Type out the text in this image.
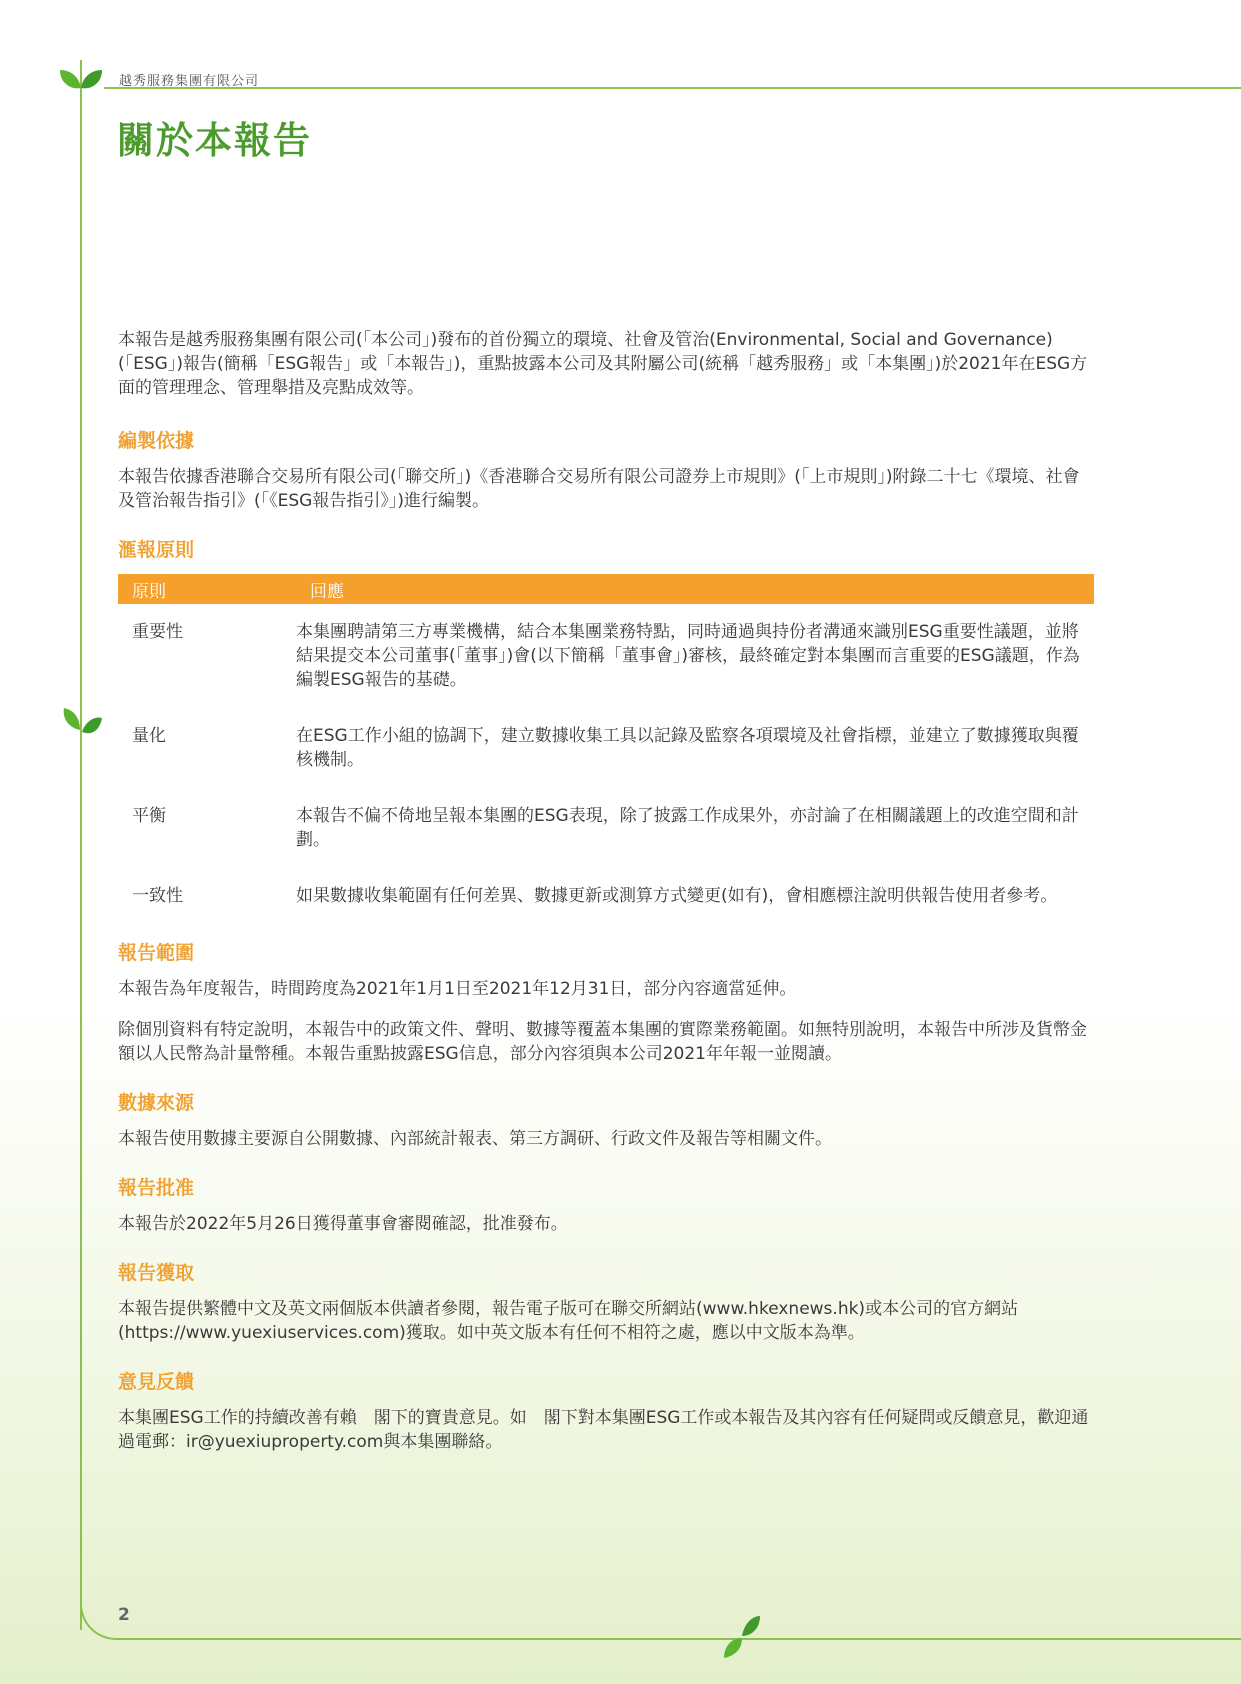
越秀服務集團有限公司
關於本報告

本報告是越秀服務集團有限公司(「本公司」)發布的首份獨立的環境、社會及管治(Environmental, Social and Governance)(「ESG」)報告(簡稱「ESG報告」或「本報告」)，重點披露本公司及其附屬公司(統稱「越秀服務」或「本集團」)於2021年在ESG方面的管理理念、管理舉措及亮點成效等。

編製依據

本報告依據香港聯合交易所有限公司(「聯交所」)《香港聯合交易所有限公司證券上市規則》(「上市規則」)附錄二十七《環境、社會及管治報告指引》(「《ESG報告指引》」)進行編製。

滙報原則
原則	回應
重要性	本集團聘請第三方專業機構，結合本集團業務特點，同時通過與持份者溝通來識別ESG重要性議題，並將結果提交本公司董事(「董事」)會(以下簡稱「董事會」)審核，最終確定對本集團而言重要的ESG議題，作為編製ESG報告的基礎。
量化	在ESG工作小組的協調下，建立數據收集工具以記錄及監察各項環境及社會指標，並建立了數據獲取與覆核機制。
平衡	本報告不偏不倚地呈報本集團的ESG表現，除了披露工作成果外，亦討論了在相關議題上的改進空間和計劃。
一致性	如果數據收集範圍有任何差異、數據更新或測算方式變更(如有)，會相應標注說明供報告使用者參考。
報告範圍

本報告為年度報告，時間跨度為2021年1月1日至2021年12月31日，部分內容適當延伸。

除個別資料有特定說明，本報告中的政策文件、聲明、數據等覆蓋本集團的實際業務範圍。如無特別說明，本報告中所涉及貨幣金額以人民幣為計量幣種。本報告重點披露ESG信息，部分內容須與本公司2021年年報一並閱讀。

數據來源

本報告使用數據主要源自公開數據、內部統計報表、第三方調研、行政文件及報告等相關文件。

報告批准

本報告於2022年5月26日獲得董事會審閱確認，批准發布。

報告獲取

本報告提供繁體中文及英文兩個版本供讀者參閱，報告電子版可在聯交所網站(www.hkexnews.hk)或本公司的官方網站(https://www.yuexiuservices.com)獲取。如中英文版本有任何不相符之處，應以中文版本為準。

意見反饋

本集團ESG工作的持續改善有賴　閣下的寶貴意見。如　閣下對本集團ESG工作或本報告及其內容有任何疑問或反饋意見，歡迎通過電郵：ir@yuexiuproperty.com與本集團聯絡。

2
